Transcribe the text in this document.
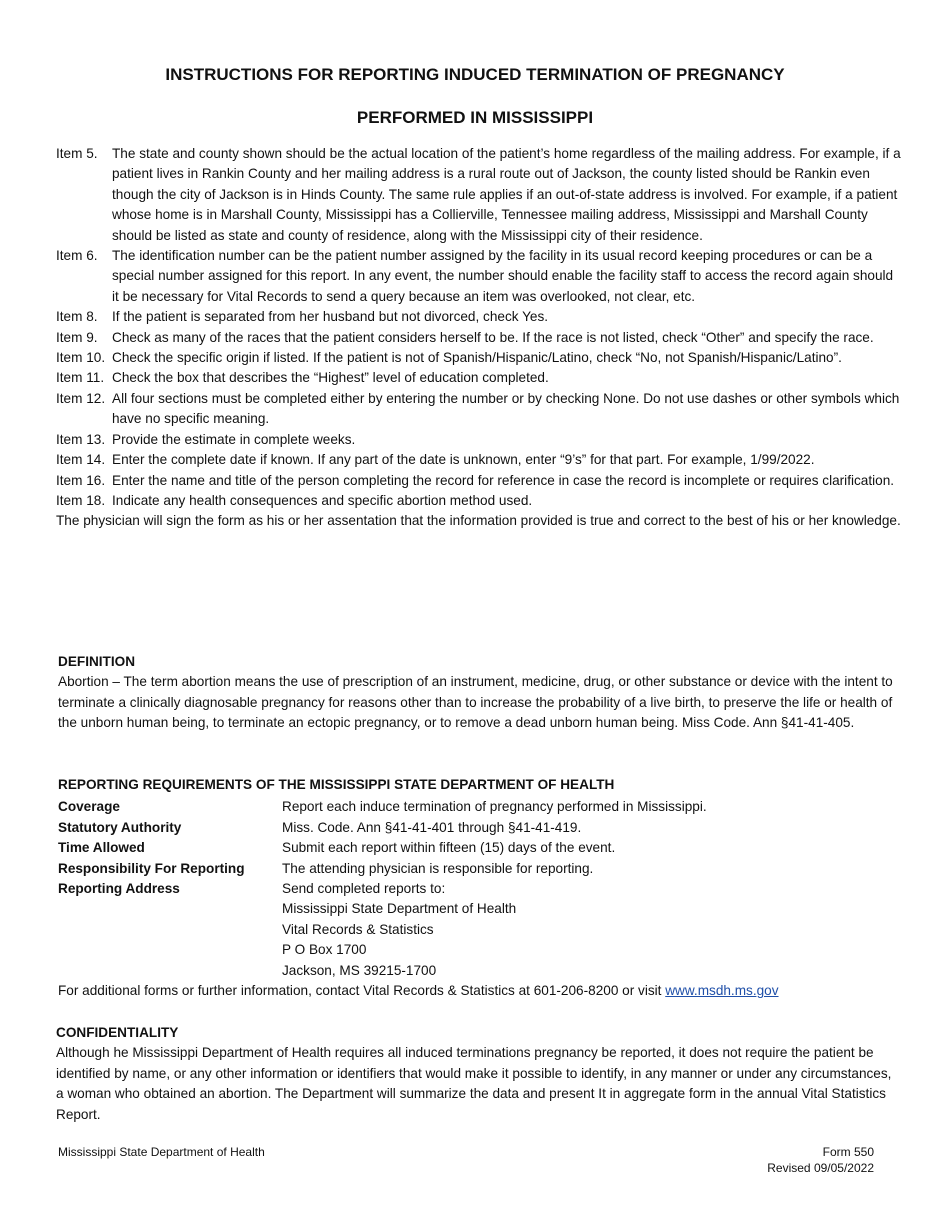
INSTRUCTIONS FOR REPORTING INDUCED TERMINATION OF PREGNANCY
PERFORMED IN MISSISSIPPI
Item 5.	The state and county shown should be the actual location of the patient’s home regardless of the mailing address. For example, if a patient lives in Rankin County and her mailing address is a rural route out of Jackson, the county listed should be Rankin even though the city of Jackson is in Hinds County. The same rule applies if an out-of-state address is involved. For example, if a patient whose home is in Marshall County, Mississippi has a Collierville, Tennessee mailing address, Mississippi and Marshall County should be listed as state and county of residence, along with the Mississippi city of their residence.
Item 6.	The identification number can be the patient number assigned by the facility in its usual record keeping procedures or can be a special number assigned for this report. In any event, the number should enable the facility staff to access the record again should it be necessary for Vital Records to send a query because an item was overlooked, not clear, etc.
Item 8.	If the patient is separated from her husband but not divorced, check Yes.
Item 9.	Check as many of the races that the patient considers herself to be. If the race is not listed, check “Other” and specify the race.
Item 10. Check the specific origin if listed. If the patient is not of Spanish/Hispanic/Latino, check “No, not Spanish/Hispanic/Latino”.
Item 11. Check the box that describes the “Highest” level of education completed.
Item 12. All four sections must be completed either by entering the number or by checking None. Do not use dashes or other symbols which have no specific meaning.
Item 13. Provide the estimate in complete weeks.
Item 14. Enter the complete date if known. If any part of the date is unknown, enter “9’s” for that part. For example, 1/99/2022.
Item 16. Enter the name and title of the person completing the record for reference in case the record is incomplete or requires clarification.
Item 18. Indicate any health consequences and specific abortion method used.

The physician will sign the form as his or her assentation that the information provided is true and correct to the best of his or her knowledge.

DEFINITION

Abortion – The term abortion means the use of prescription of an instrument, medicine, drug, or other substance or device with the intent to terminate a clinically diagnosable pregnancy for reasons other than to increase the probability of a live birth, to preserve the life or health of the unborn human being, to terminate an ectopic pregnancy, or to remove a dead unborn human being. Miss Code. Ann §41-41-405.

REPORTING REQUIREMENTS OF THE MISSISSIPPI STATE DEPARTMENT OF HEALTH

Coverage	Report each induce termination of pregnancy performed in Mississippi.
Statutory Authority	Miss. Code. Ann §41-41-401 through §41-41-419.
Time Allowed	Submit each report within fifteen (15) days of the event.
Responsibility For Reporting	The attending physician is responsible for reporting.
Reporting Address	Send completed reports to:
Mississippi State Department of Health
Vital Records & Statistics
P O Box 1700
Jackson, MS 39215-1700

For additional forms or further information, contact Vital Records & Statistics at 601-206-8200 or visit www.msdh.ms.gov

CONFIDENTIALITY

Although he Mississippi Department of Health requires all induced terminations pregnancy be reported, it does not require the patient be identified by name, or any other information or identifiers that would make it possible to identify, in any manner or under any circumstances, a woman who obtained an abortion. The Department will summarize the data and present It in aggregate form in the annual Vital Statistics Report.

Mississippi State Department of Health	Form 550
Revised 09/05/2022
